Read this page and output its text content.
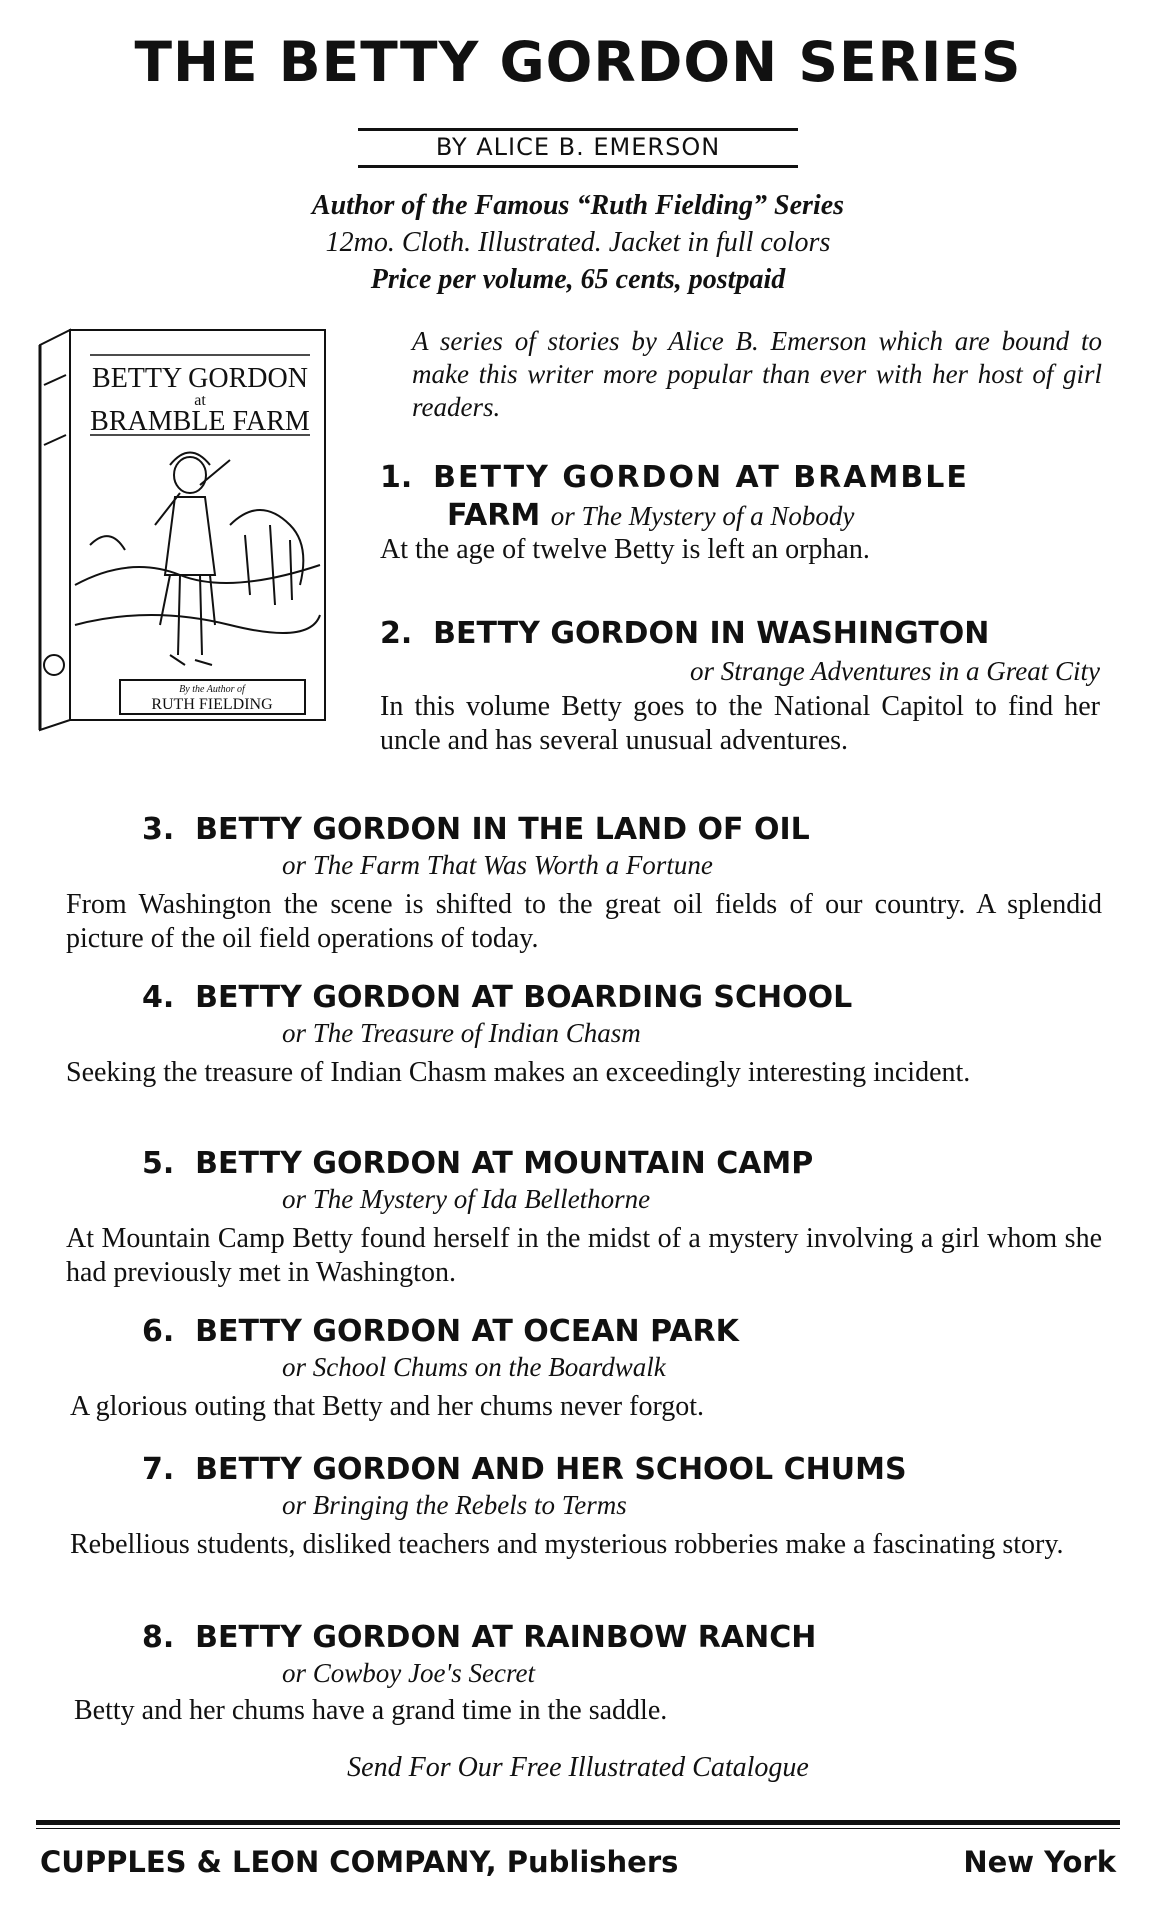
THE BETTY GORDON SERIES
BY ALICE B. EMERSON
Author of the Famous “Ruth Fielding” Series
12mo. Cloth. Illustrated. Jacket in full colors
Price per volume, 65 cents, postpaid
BETTY GORDON
at
BRAMBLE FARM
By the Author of
RUTH FIELDING
A series of stories by Alice B. Emerson which are bound to make this writer more popular than ever with her host of girl readers.
1. BETTY GORDON AT BRAMBLE
FARM or The Mystery of a Nobody
At the age of twelve Betty is left an orphan.
2. BETTY GORDON IN WASHINGTON
or Strange Adventures in a Great City
In this volume Betty goes to the National Capitol to find her uncle and has several unusual adventures.
3. BETTY GORDON IN THE LAND OF OIL
or The Farm That Was Worth a Fortune
From Washington the scene is shifted to the great oil fields of our country. A splendid picture of the oil field operations of today.
4. BETTY GORDON AT BOARDING SCHOOL
or The Treasure of Indian Chasm
Seeking the treasure of Indian Chasm makes an exceedingly interesting incident.
5. BETTY GORDON AT MOUNTAIN CAMP
or The Mystery of Ida Bellethorne
At Mountain Camp Betty found herself in the midst of a mystery involving a girl whom she had previously met in Washington.
6. BETTY GORDON AT OCEAN PARK
or School Chums on the Boardwalk
A glorious outing that Betty and her chums never forgot.
7. BETTY GORDON AND HER SCHOOL CHUMS
or Bringing the Rebels to Terms
Rebellious students, disliked teachers and mysterious robberies make a fascinating story.
8. BETTY GORDON AT RAINBOW RANCH
or Cowboy Joe's Secret
Betty and her chums have a grand time in the saddle.
Send For Our Free Illustrated Catalogue
CUPPLES & LEON COMPANY, Publishers	New York
